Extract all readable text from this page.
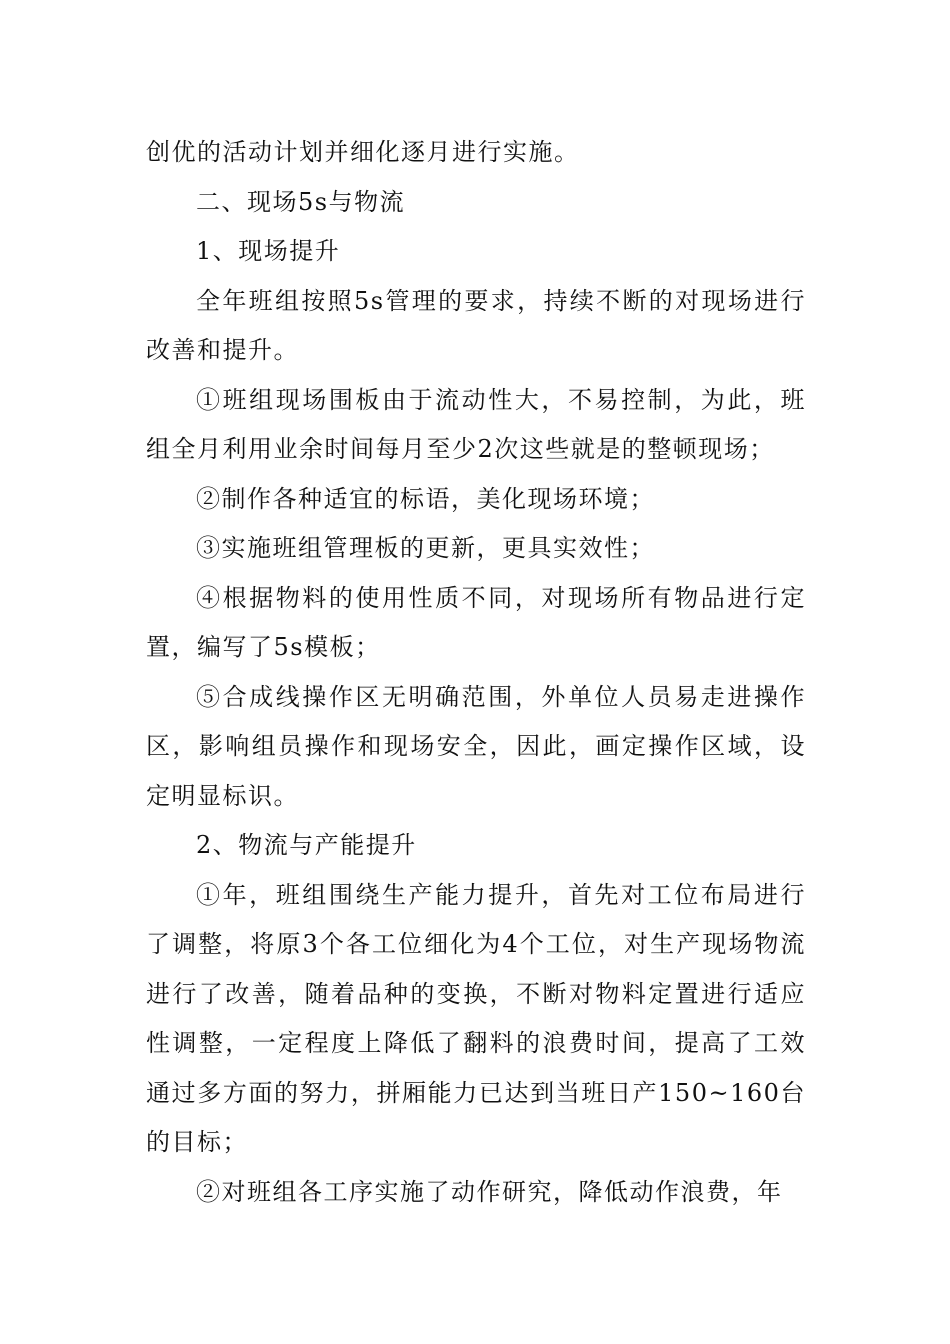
创优的活动计划并细化逐月进行实施。

二、现场5s与物流

1、现场提升

全年班组按照5s管理的要求，持续不断的对现场进行改善和提升。

①班组现场围板由于流动性大，不易控制，为此，班组全月利用业余时间每月至少2次这些就是的整顿现场；

②制作各种适宜的标语，美化现场环境；

③实施班组管理板的更新，更具实效性；

④根据物料的使用性质不同，对现场所有物品进行定置，编写了5s模板；

⑤合成线操作区无明确范围，外单位人员易走进操作区，影响组员操作和现场安全，因此，画定操作区域，设定明显标识。

2、物流与产能提升

①年，班组围绕生产能力提升，首先对工位布局进行了调整，将原3个各工位细化为4个工位，对生产现场物流进行了改善，随着品种的变换，不断对物料定置进行适应性调整，一定程度上降低了翻料的浪费时间，提高了工效通过多方面的努力，拼厢能力已达到当班日产150~160台的目标；

②对班组各工序实施了动作研究，降低动作浪费，年
